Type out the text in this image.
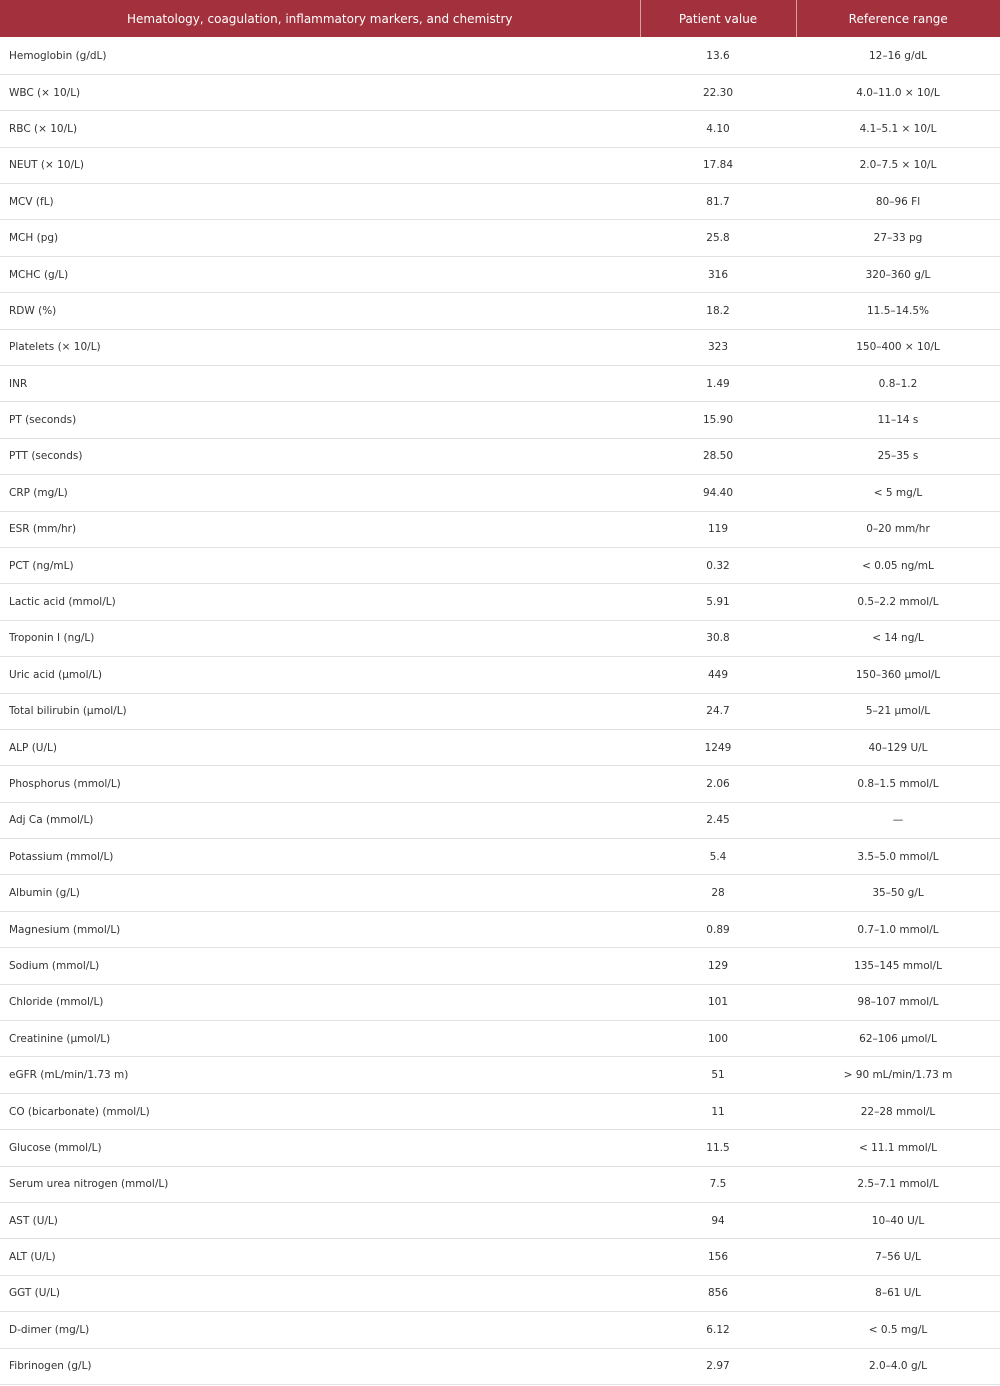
Hematology, coagulation, inflammatory markers, and chemistry	Patient value	Reference range
Hemoglobin (g/dL)	13.6	12–16 g/dL
WBC (× 10/L)	22.30	4.0–11.0 × 10/L
RBC (× 10/L)	4.10	4.1–5.1 × 10/L
NEUT (× 10/L)	17.84	2.0–7.5 × 10/L
MCV (fL)	81.7	80–96 Fl
MCH (pg)	25.8	27–33 pg
MCHC (g/L)	316	320–360 g/L
RDW (%)	18.2	11.5–14.5%
Platelets (× 10/L)	323	150–400 × 10/L
INR	1.49	0.8–1.2
PT (seconds)	15.90	11–14 s
PTT (seconds)	28.50	25–35 s
CRP (mg/L)	94.40	< 5 mg/L
ESR (mm/hr)	119	0–20 mm/hr
PCT (ng/mL)	0.32	< 0.05 ng/mL
Lactic acid (mmol/L)	5.91	0.5–2.2 mmol/L
Troponin I (ng/L)	30.8	< 14 ng/L
Uric acid (µmol/L)	449	150–360 µmol/L
Total bilirubin (µmol/L)	24.7	5–21 µmol/L
ALP (U/L)	1249	40–129 U/L
Phosphorus (mmol/L)	2.06	0.8–1.5 mmol/L
Adj Ca (mmol/L)	2.45	—
Potassium (mmol/L)	5.4	3.5–5.0 mmol/L
Albumin (g/L)	28	35–50 g/L
Magnesium (mmol/L)	0.89	0.7–1.0 mmol/L
Sodium (mmol/L)	129	135–145 mmol/L
Chloride (mmol/L)	101	98–107 mmol/L
Creatinine (µmol/L)	100	62–106 µmol/L
eGFR (mL/min/1.73 m)	51	> 90 mL/min/1.73 m
CO (bicarbonate) (mmol/L)	11	22–28 mmol/L
Glucose (mmol/L)	11.5	< 11.1 mmol/L
Serum urea nitrogen (mmol/L)	7.5	2.5–7.1 mmol/L
AST (U/L)	94	10–40 U/L
ALT (U/L)	156	7–56 U/L
GGT (U/L)	856	8–61 U/L
D-dimer (mg/L)	6.12	< 0.5 mg/L
Fibrinogen (g/L)	2.97	2.0–4.0 g/L
